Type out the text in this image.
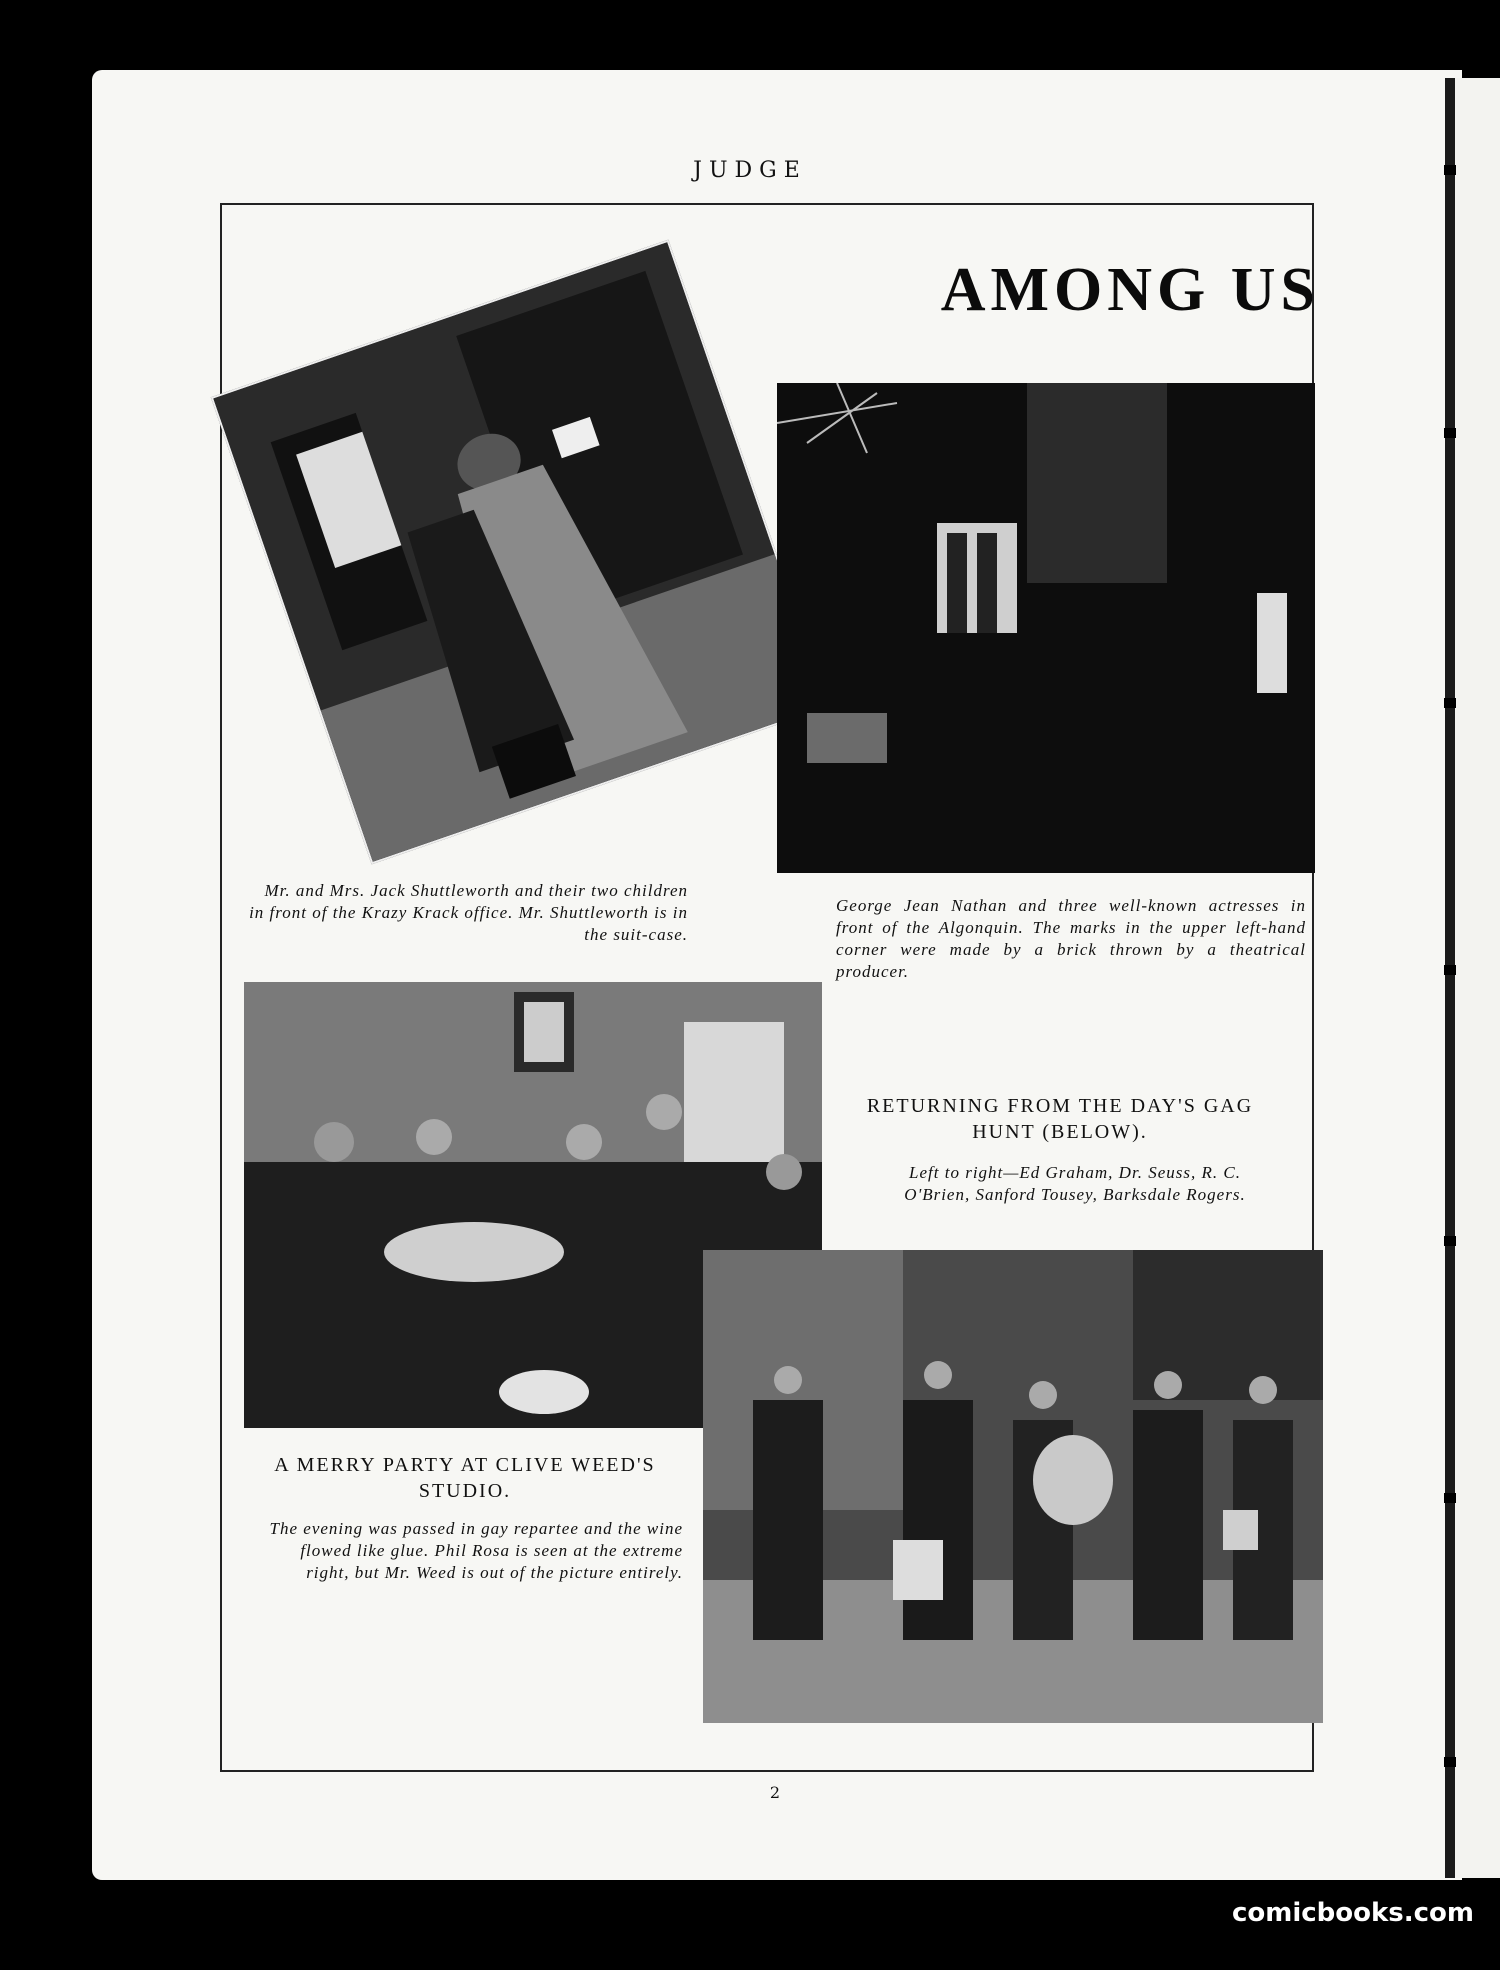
JUDGE
AMONG US
Mr. and Mrs. Jack Shuttleworth and their two children in front of the Krazy Krack office. Mr. Shuttleworth is in the suit-case.
George Jean Nathan and three well-known actresses in front of the Algonquin. The marks in the upper left-hand corner were made by a brick thrown by a theatrical producer.
A MERRY PARTY AT CLIVE WEED'S STUDIO.
The evening was passed in gay repartee and the wine flowed like glue. Phil Rosa is seen at the extreme right, but Mr. Weed is out of the picture entirely.
RETURNING FROM THE DAY'S GAG HUNT (BELOW).
Left to right—Ed Graham, Dr. Seuss, R. C. O'Brien, Sanford Tousey, Barksdale Rogers.
2
comicbooks.com
